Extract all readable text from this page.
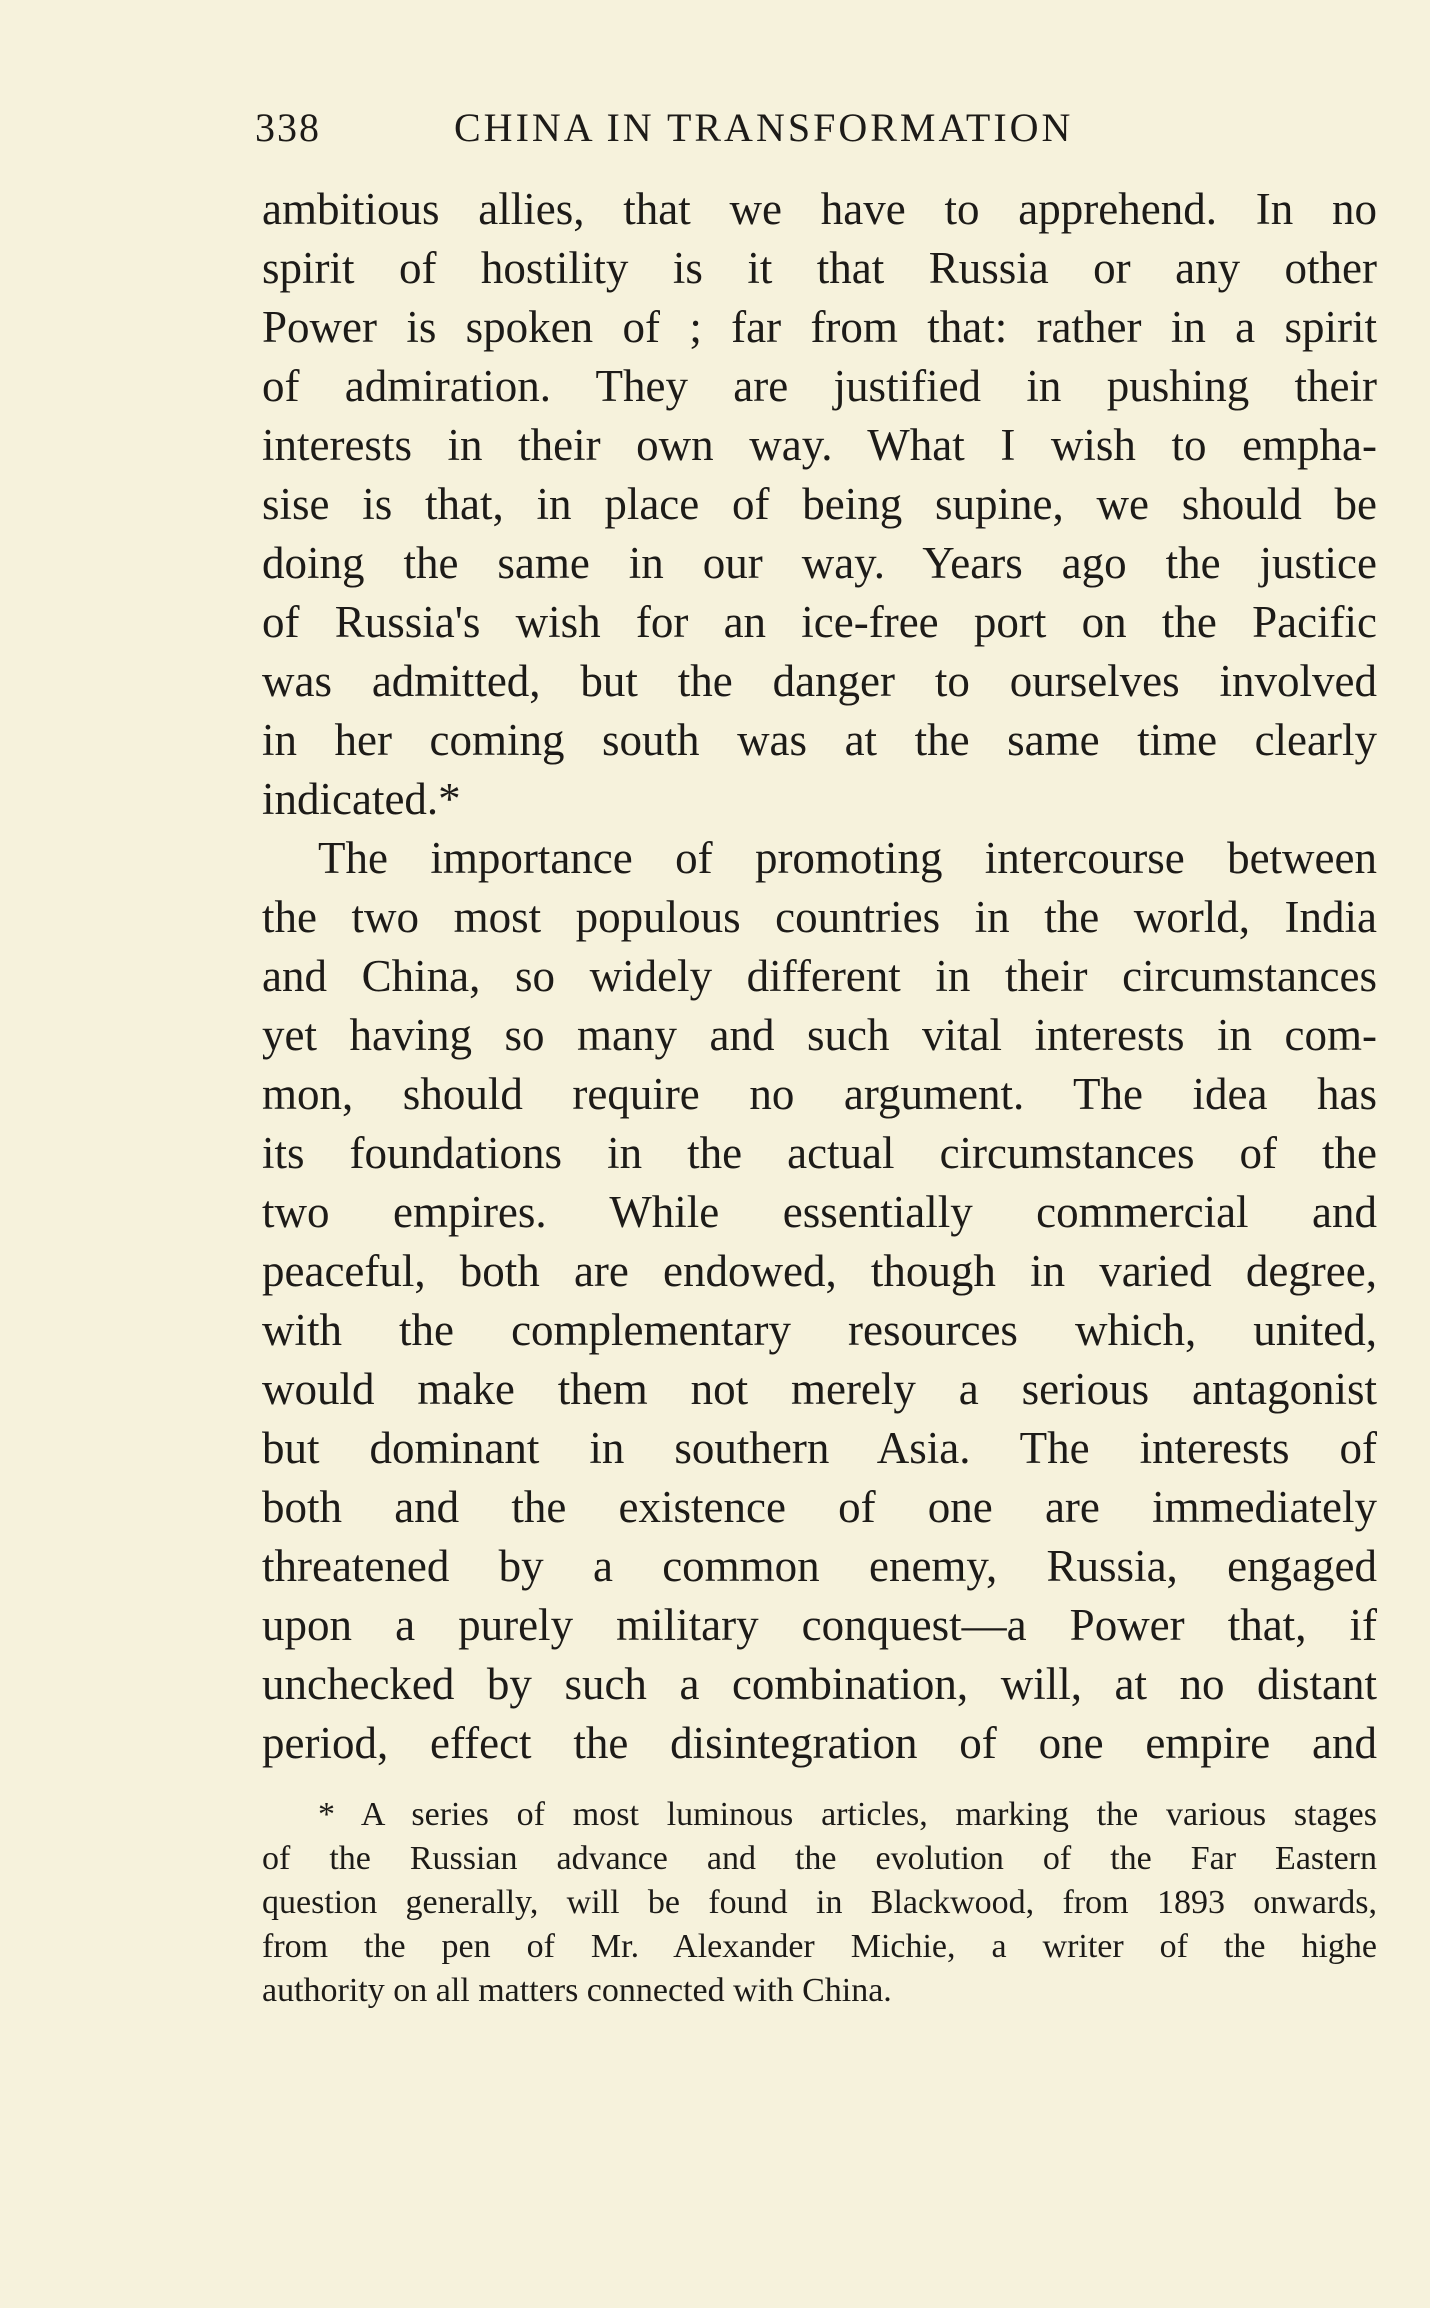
338	CHINA IN TRANSFORMATION
ambitious allies, that we have to apprehend. In no
spirit of hostility is it that Russia or any other
Power is spoken of ; far from that: rather in a spirit
of admiration. They are justified in pushing their
interests in their own way. What I wish to empha-
sise is that, in place of being supine, we should be
doing the same in our way. Years ago the justice
of Russia's wish for an ice-free port on the Pacific
was admitted, but the danger to ourselves involved
in her coming south was at the same time clearly
indicated.*
The importance of promoting intercourse between
the two most populous countries in the world, India
and China, so widely different in their circumstances
yet having so many and such vital interests in com-
mon, should require no argument. The idea has
its foundations in the actual circumstances of the
two empires. While essentially commercial and
peaceful, both are endowed, though in varied degree,
with the complementary resources which, united,
would make them not merely a serious antagonist
but dominant in southern Asia. The interests of
both and the existence of one are immediately
threatened by a common enemy, Russia, engaged
upon a purely military conquest—a Power that, if
unchecked by such a combination, will, at no distant
period, effect the disintegration of one empire and
* A series of most luminous articles, marking the various stages
of the Russian advance and the evolution of the Far Eastern
question generally, will be found in Blackwood, from 1893 onwards,
from the pen of Mr. Alexander Michie, a writer of the highe
authority on all matters connected with China.
